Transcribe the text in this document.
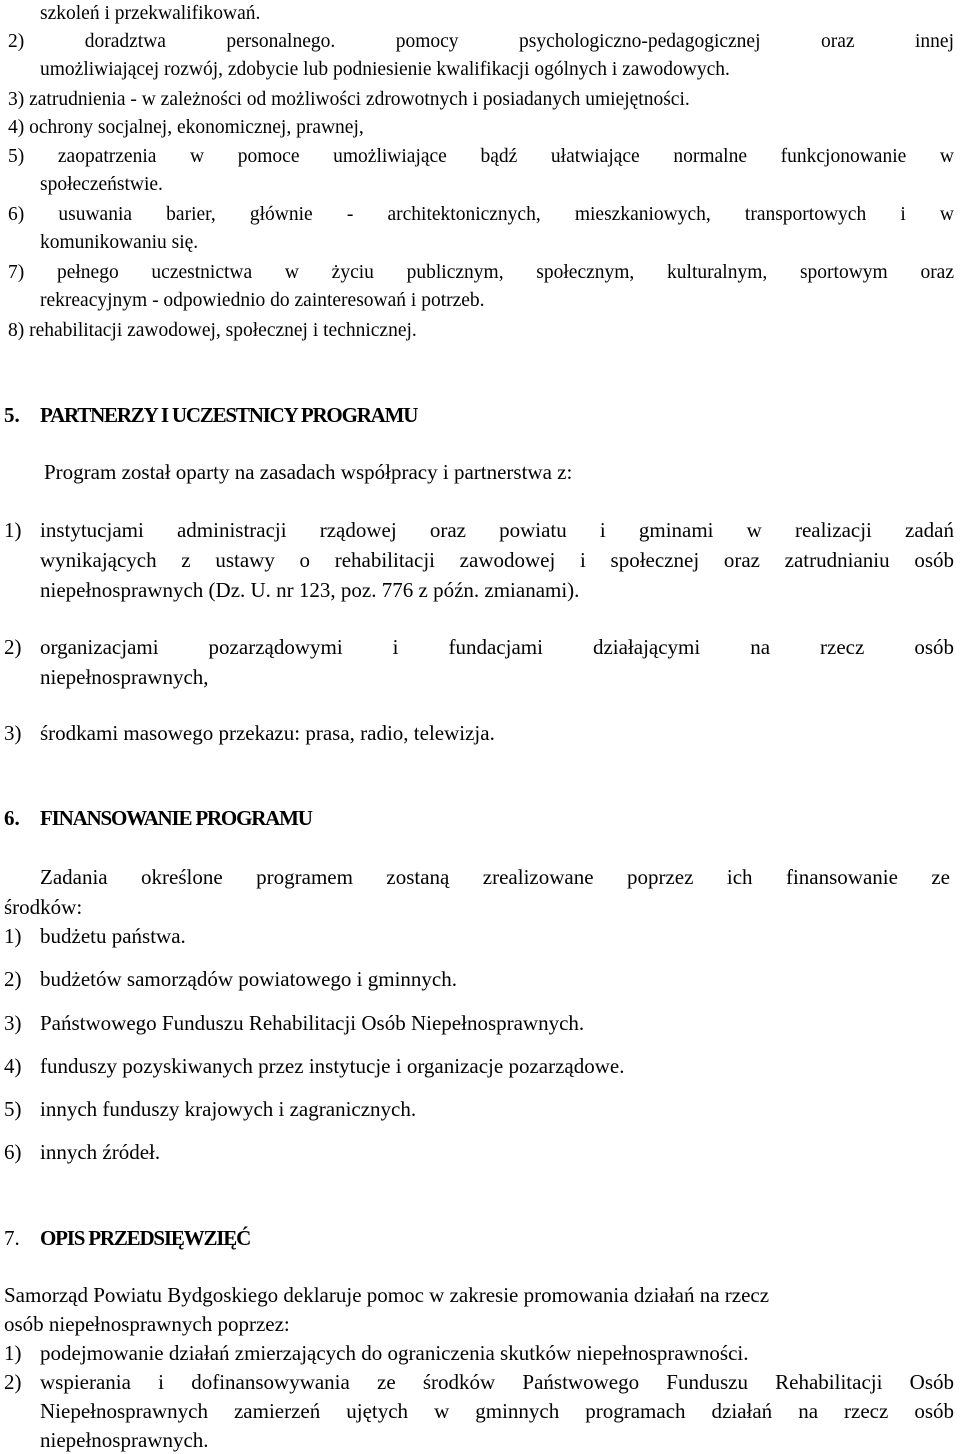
szkoleń i przekwalifikowań.
2) doradztwa personalnego. pomocy psychologiczno-pedagogicznej oraz innej
umożliwiającej rozwój, zdobycie lub podniesienie kwalifikacji ogólnych i zawodowych.
3) zatrudnienia - w zależności od możliwości zdrowotnych i posiadanych umiejętności.
4) ochrony socjalnej, ekonomicznej, prawnej,
5) zaopatrzenia w pomoce umożliwiające bądź ułatwiające normalne funkcjonowanie w
społeczeństwie.
6) usuwania barier, głównie - architektonicznych, mieszkaniowych, transportowych i w
komunikowaniu się.
7) pełnego uczestnictwa w życiu publicznym, społecznym, kulturalnym, sportowym oraz
rekreacyjnym - odpowiednio do zainteresowań i potrzeb.
8) rehabilitacji zawodowej, społecznej i technicznej.
5. PARTNERZY I UCZESTNICY PROGRAMU
Program został oparty na zasadach współpracy i partnerstwa z:
1) instytucjami administracji rządowej oraz powiatu i gminami w realizacji zadań
wynikających z ustawy o rehabilitacji zawodowej i społecznej oraz zatrudnianiu osób
niepełnosprawnych (Dz. U. nr 123, poz. 776 z późn. zmianami).
2) organizacjami pozarządowymi i fundacjami działającymi na rzecz osób
niepełnosprawnych,
3) środkami masowego przekazu: prasa, radio, telewizja.
6. FINANSOWANIE PROGRAMU
Zadania określone programem zostaną zrealizowane poprzez ich finansowanie ze
środków:
1) budżetu państwa.
2) budżetów samorządów powiatowego i gminnych.
3) Państwowego Funduszu Rehabilitacji Osób Niepełnosprawnych.
4) funduszy pozyskiwanych przez instytucje i organizacje pozarządowe.
5) innych funduszy krajowych i zagranicznych.
6) innych źródeł.
7. OPIS PRZEDSIĘWZIĘĆ
Samorząd Powiatu Bydgoskiego deklaruje pomoc w zakresie promowania działań na rzecz
osób niepełnosprawnych poprzez:
1) podejmowanie działań zmierzających do ograniczenia skutków niepełnosprawności.
2) wspierania i dofinansowywania ze środków Państwowego Funduszu Rehabilitacji Osób
Niepełnosprawnych zamierzeń ujętych w gminnych programach działań na rzecz osób
niepełnosprawnych.
